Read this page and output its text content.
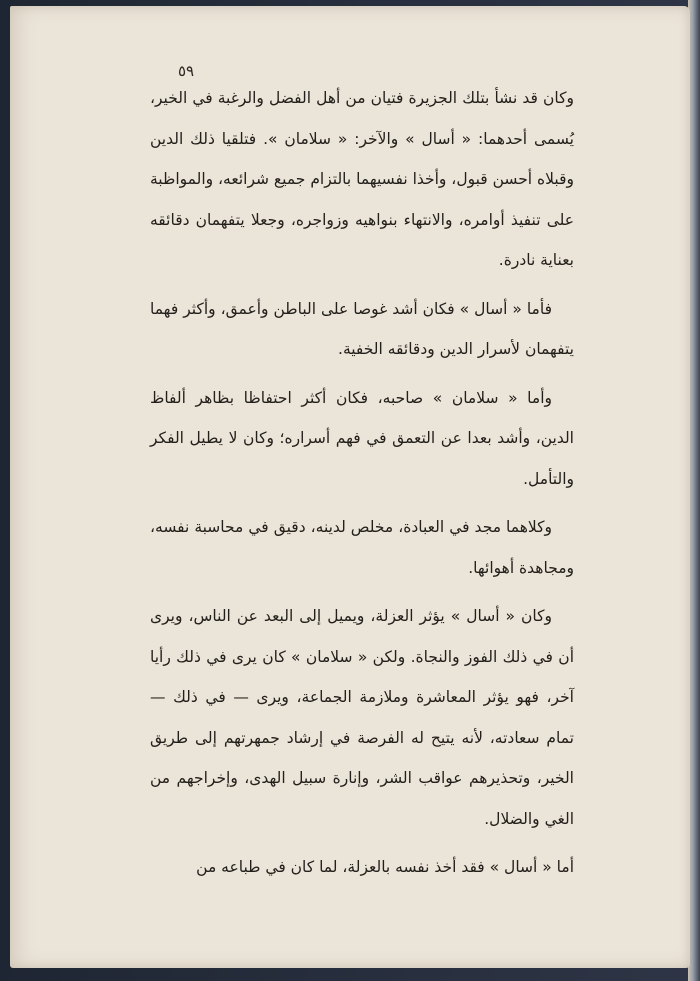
٥٩

وكان قد نشأ بتلك الجزيرة فتيان من أهل الفضل والرغبة في الخير، يُسمى أحدهما: « أسال » والآخر: « سلامان ». فتلقيا ذلك الدين وقبلاه أحسن قبول، وأخذا نفسيهما بالتزام جميع شرائعه، والمواظبة على تنفيذ أوامره، والانتهاء بنواهيه وزواجره، وجعلا يتفهمان دقائقه بعناية نادرة.

فأما « أسال » فكان أشد غوصا على الباطن وأعمق، وأكثر فهما يتفهمان لأسرار الدين ودقائقه الخفية.

وأما « سلامان » صاحبه، فكان أكثر احتفاظا بظاهر ألفاظ الدين، وأشد بعدا عن التعمق في فهم أسراره؛ وكان لا يطيل الفكر والتأمل.

وكلاهما مجد في العبادة، مخلص لدينه، دقيق في محاسبة نفسه، ومجاهدة أهوائها.

وكان « أسال » يؤثر العزلة، ويميل إلى البعد عن الناس، ويرى أن في ذلك الفوز والنجاة. ولكن « سلامان » كان يرى في ذلك رأيا آخر، فهو يؤثر المعاشرة وملازمة الجماعة، ويرى — في ذلك — تمام سعادته، لأنه يتيح له الفرصة في إرشاد جمهرتهم إلى طريق الخير، وتحذيرهم عواقب الشر، وإنارة سبيل الهدى، وإخراجهم من الغي والضلال.

أما « أسال » فقد أخذ نفسه بالعزلة، لما كان في طباعه من
